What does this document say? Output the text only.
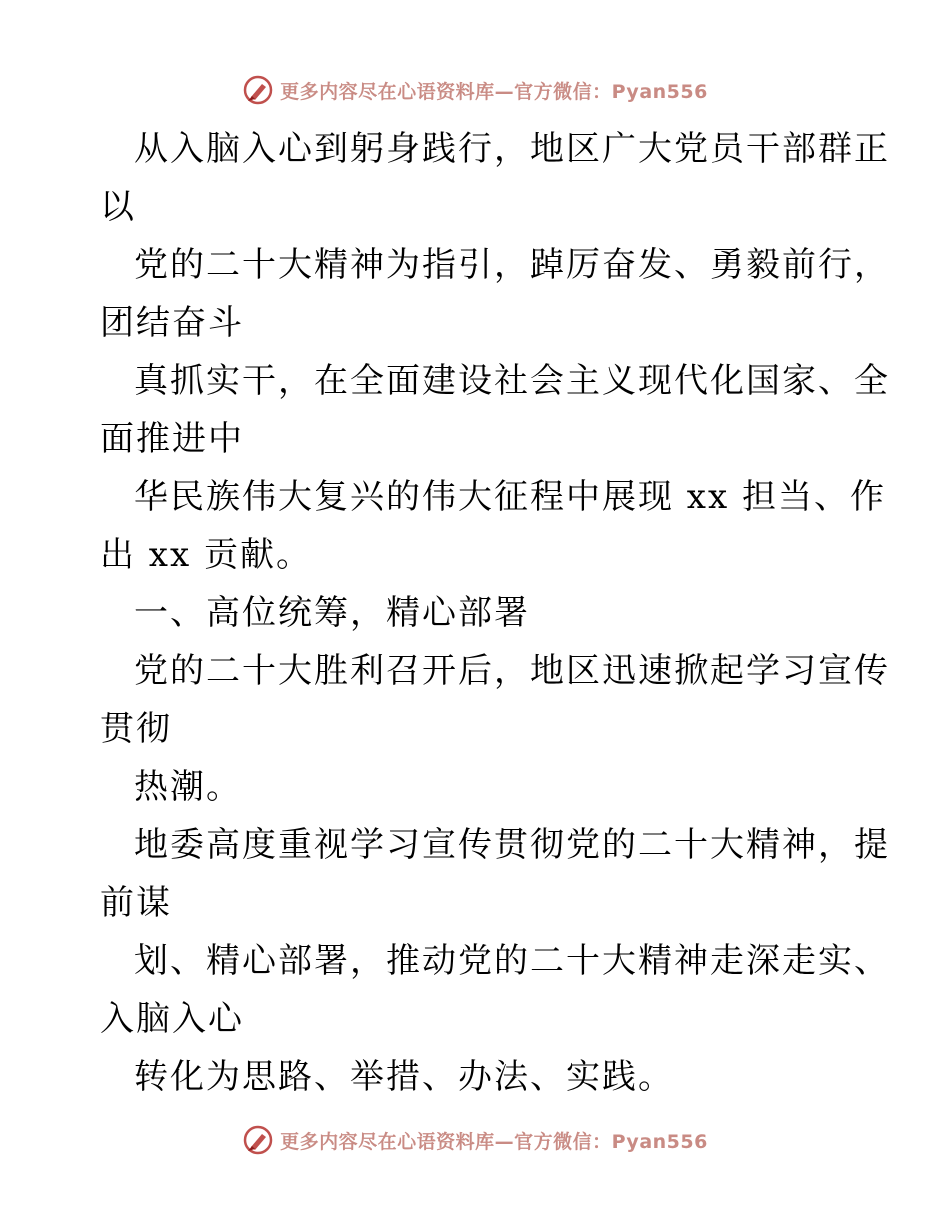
更多内容尽在心语资料库—官方微信：Pyan556
从入脑入心到躬身践行，地区广大党员干部群正
以
党的二十大精神为指引，踔厉奋发、勇毅前行，
团结奋斗
真抓实干，在全面建设社会主义现代化国家、全
面推进中
华民族伟大复兴的伟大征程中展现 xx 担当、作
出 xx 贡献。
一、高位统筹，精心部署
党的二十大胜利召开后，地区迅速掀起学习宣传
贯彻
热潮。
地委高度重视学习宣传贯彻党的二十大精神，提
前谋
划、精心部署，推动党的二十大精神走深走实、
入脑入心
转化为思路、举措、办法、实践。
更多内容尽在心语资料库—官方微信：Pyan556
